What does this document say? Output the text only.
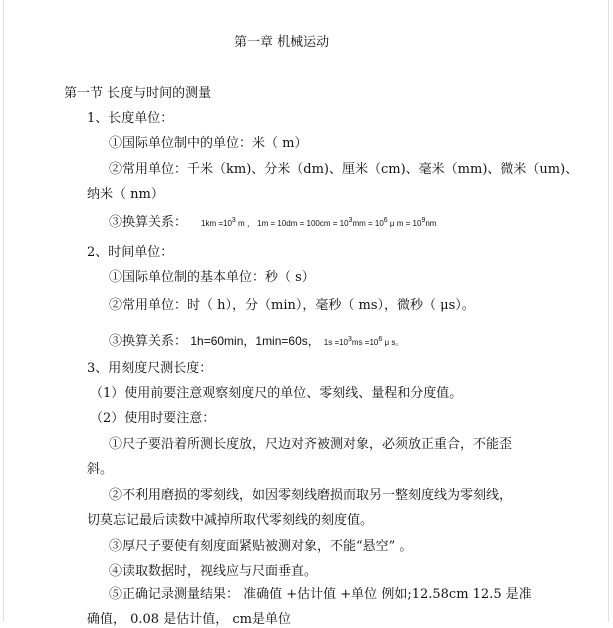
第一章 机械运动
第一节 长度与时间的测量
1、长度单位：
①国际单位制中的单位：米（ m）
②常用单位：千米（km)、分米（dm)、厘米（cm)、毫米（mm)、微米（um)、
纳米（ nm）
③换算关系： $1km =10^3$ m ， $1m = 10dm = 100cm = 10^3mm = 10^6$ μ $m = 10^9nm$
2、时间单位：
①国际单位制的基本单位：秒（ s）
②常用单位：时（ h），分（min），毫秒（ ms），微秒（ μs）。
③换算关系： 1h=60min，1min=60s， $1s =10^3ms =10^6$ μ s。
3、用刻度尺测长度：
（1）使用前要注意观察刻度尺的单位、零刻线、量程和分度值。
（2）使用时要注意：
①尺子要沿着所测长度放，尺边对齐被测对象，必须放正重合，不能歪
斜。
②不利用磨损的零刻线，如因零刻线磨损而取另一整刻度线为零刻线，
切莫忘记最后读数中减掉所取代零刻线的刻度值。
③厚尺子要使有刻度面紧贴被测对象，不能“悬空” 。
④读取数据时，视线应与尺面垂直。
⑤正确记录测量结果： 准确值 +估计值 +单位 例如;12.58cm 12.5 是准
确值， 0.08 是估计值， cm是单位
